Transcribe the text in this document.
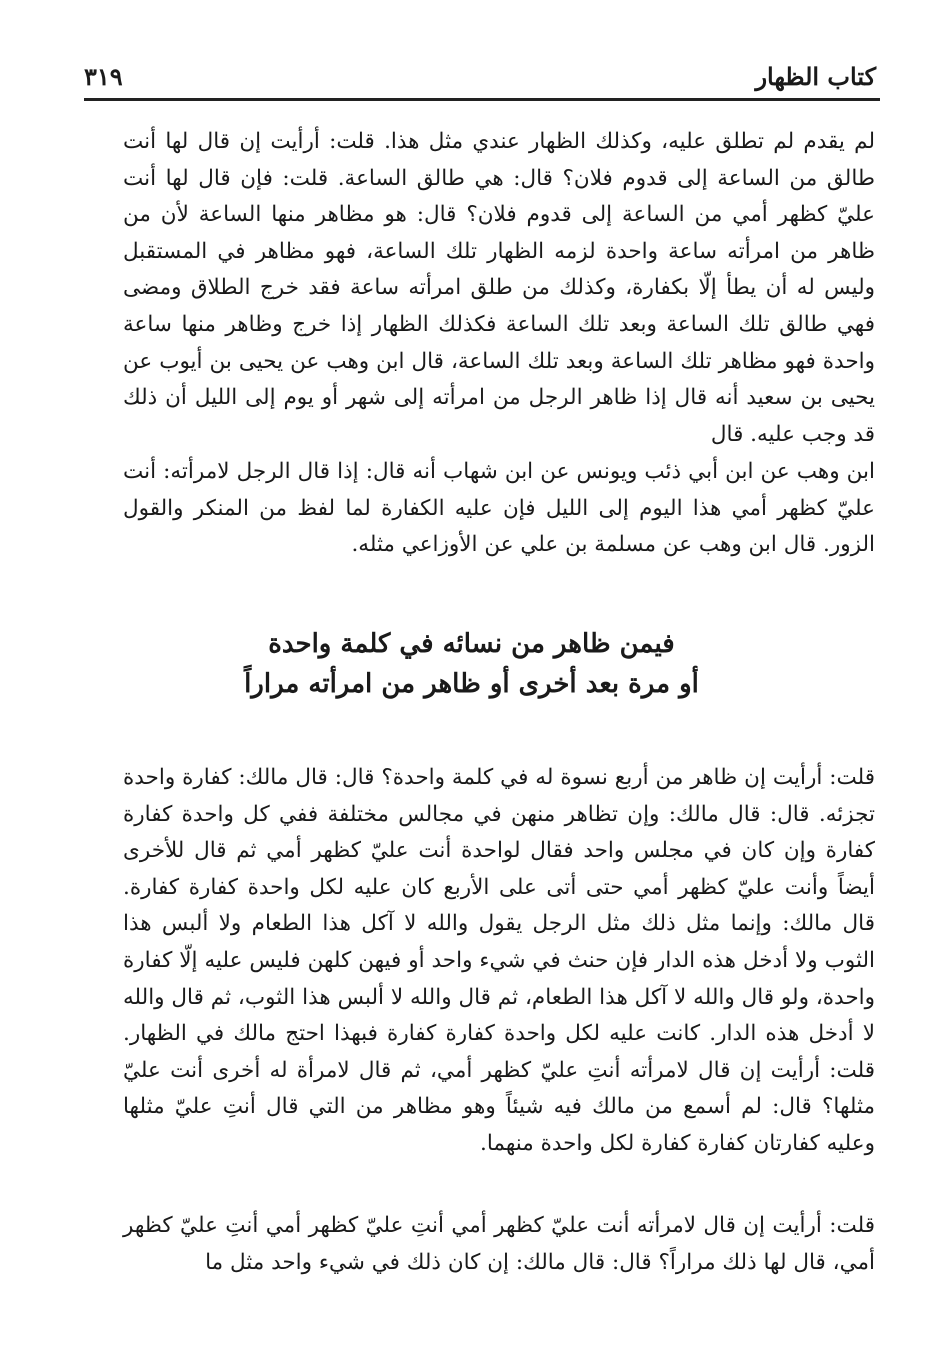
كتاب الظهار
٣١٩

لم يقدم لم تطلق عليه، وكذلك الظهار عندي مثل هذا. قلت: أرأيت إن قال لها أنت طالق من الساعة إلى قدوم فلان؟ قال: هي طالق الساعة. قلت: فإن قال لها أنت عليّ كظهر أمي من الساعة إلى قدوم فلان؟ قال: هو مظاهر منها الساعة لأن من ظاهر من امرأته ساعة واحدة لزمه الظهار تلك الساعة، فهو مظاهر في المستقبل وليس له أن يطأ إلّا بكفارة، وكذلك من طلق امرأته ساعة فقد خرج الطلاق ومضى فهي طالق تلك الساعة وبعد تلك الساعة فكذلك الظهار إذا خرج وظاهر منها ساعة واحدة فهو مظاهر تلك الساعة وبعد تلك الساعة، قال ابن وهب عن يحيى بن أيوب عن يحيى بن سعيد أنه قال إذا ظاهر الرجل من امرأته إلى شهر أو يوم إلى الليل أن ذلك قد وجب عليه. قال

ابن وهب عن ابن أبي ذئب ويونس عن ابن شهاب أنه قال: إذا قال الرجل لامرأته: أنت عليّ كظهر أمي هذا اليوم إلى الليل فإن عليه الكفارة لما لفظ من المنكر والقول الزور. قال ابن وهب عن مسلمة بن علي عن الأوزاعي مثله.

فيمن ظاهر من نسائه في كلمة واحدة
أو مرة بعد أخرى أو ظاهر من امرأته مراراً

قلت: أرأيت إن ظاهر من أربع نسوة له في كلمة واحدة؟ قال: قال مالك: كفارة واحدة تجزئه. قال: قال مالك: وإن تظاهر منهن في مجالس مختلفة ففي كل واحدة كفارة كفارة وإن كان في مجلس واحد فقال لواحدة أنت عليّ كظهر أمي ثم قال للأخرى أيضاً وأنت عليّ كظهر أمي حتى أتى على الأربع كان عليه لكل واحدة كفارة كفارة. قال مالك: وإنما مثل ذلك مثل الرجل يقول والله لا آكل هذا الطعام ولا ألبس هذا الثوب ولا أدخل هذه الدار فإن حنث في شيء واحد أو فيهن كلهن فليس عليه إلّا كفارة واحدة، ولو قال والله لا آكل هذا الطعام، ثم قال والله لا ألبس هذا الثوب، ثم قال والله لا أدخل هذه الدار. كانت عليه لكل واحدة كفارة كفارة فبهذا احتج مالك في الظهار. قلت: أرأيت إن قال لامرأته أنتِ عليّ كظهر أمي، ثم قال لامرأة له أخرى أنت عليّ مثلها؟ قال: لم أسمع من مالك فيه شيئاً وهو مظاهر من التي قال أنتِ عليّ مثلها وعليه كفارتان كفارة كفارة لكل واحدة منهما.

قلت: أرأيت إن قال لامرأته أنت عليّ كظهر أمي أنتِ عليّ كظهر أمي أنتِ عليّ كظهر أمي، قال لها ذلك مراراً؟ قال: قال مالك: إن كان ذلك في شيء واحد مثل ما
